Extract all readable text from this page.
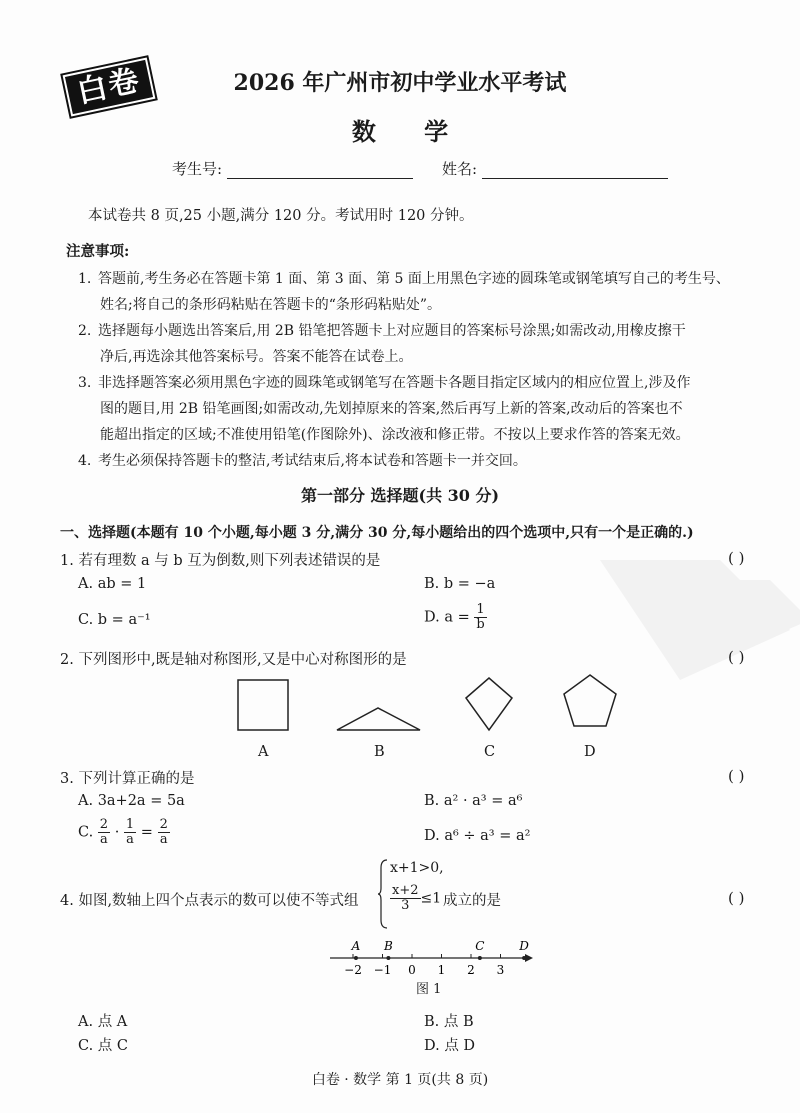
白卷	2026 年广州市初中学业水平考试
数 学
考生号:	姓名:
本试卷共 8 页,25 小题,满分 120 分。考试用时 120 分钟。
注意事项:
1. 答题前,考生务必在答题卡第 1 面、第 3 面、第 5 面上用黑色字迹的圆珠笔或钢笔填写自己的考生号、
姓名;将自己的条形码粘贴在答题卡的“条形码粘贴处”。
2. 选择题每小题选出答案后,用 2B 铅笔把答题卡上对应题目的答案标号涂黑;如需改动,用橡皮擦干
净后,再选涂其他答案标号。答案不能答在试卷上。
3. 非选择题答案必须用黑色字迹的圆珠笔或钢笔写在答题卡各题目指定区域内的相应位置上,涉及作
图的题目,用 2B 铅笔画图;如需改动,先划掉原来的答案,然后再写上新的答案,改动后的答案也不
能超出指定的区域;不准使用铅笔(作图除外)、涂改液和修正带。不按以上要求作答的答案无效。
4. 考生必须保持答题卡的整洁,考试结束后,将本试卷和答题卡一并交回。
第一部分 选择题(共 30 分)
一、选择题(本题有 10 个小题,每小题 3 分,满分 30 分,每小题给出的四个选项中,只有一个是正确的.)
1. 若有理数 a 与 b 互为倒数,则下列表述错误的是	( )
A. ab = 1	B. b = −a
C. b = a⁻¹	D. $a = \frac{1}{b}$
2. 下列图形中,既是轴对称图形,又是中心对称图形的是	( )
A	B	C	D
3. 下列计算正确的是	( )
A. 3a+2a = 5a	B. a² · a³ = a⁶
C. $\frac{2}{a} \cdot \frac{1}{a} = \frac{2}{a}$	D. a⁶ ÷ a³ = a²
4. 如图,数轴上四个点表示的数可以使不等式组
x+1>0,
$\frac{x+2}{3} \le 1$ 成立的是	( )
−2 −1 0 1 2 3
A B	C	D
图 1
A. 点 A	B. 点 B
C. 点 C	D. 点 D
白卷 · 数学 第 1 页(共 8 页)
